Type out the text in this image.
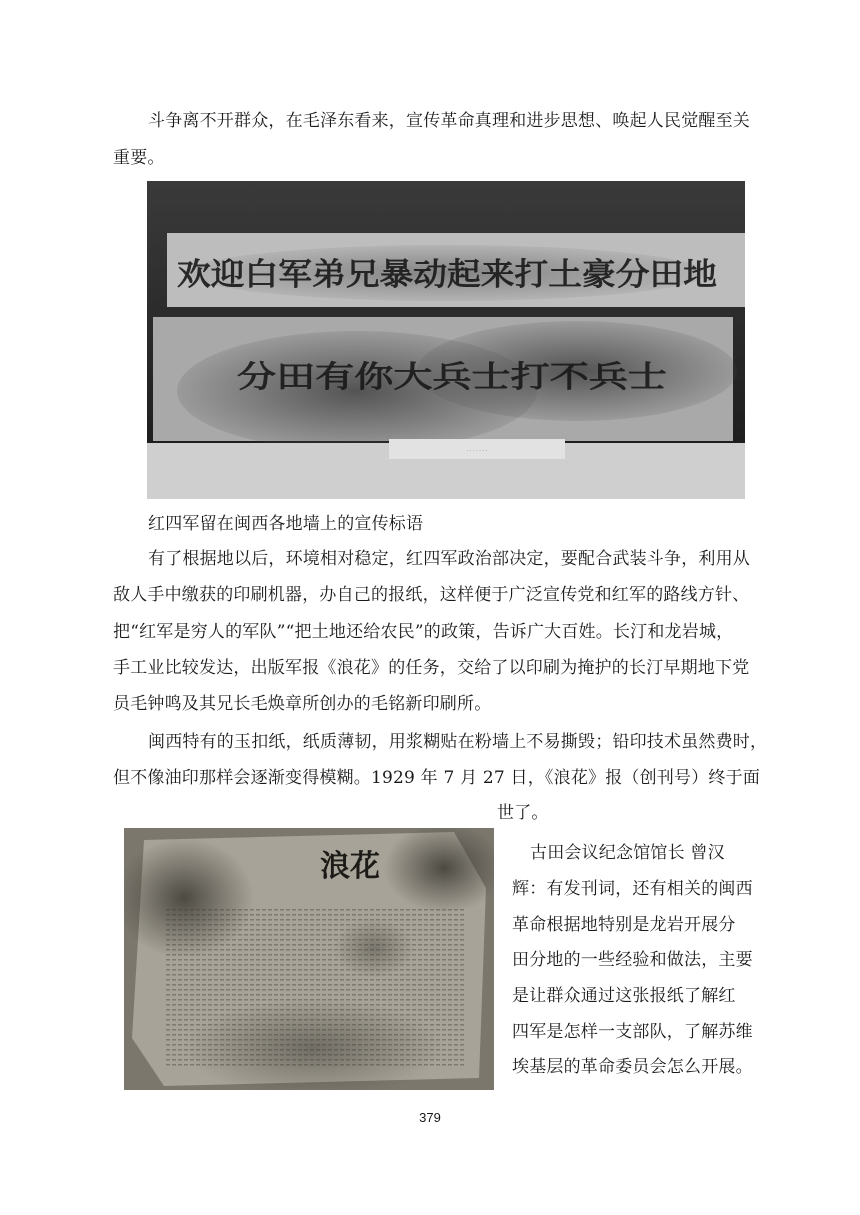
斗争离不开群众，在毛泽东看来，宣传革命真理和进步思想、唤起人民觉醒至关
重要。
· · · · · · ·
欢迎白军弟兄暴动起来打土豪分田地
分田有你大兵士打不兵士
红四军留在闽西各地墙上的宣传标语
有了根据地以后，环境相对稳定，红四军政治部决定，要配合武装斗争，利用从
敌人手中缴获的印刷机器，办自己的报纸，这样便于广泛宣传党和红军的路线方针、
把“红军是穷人的军队”“把土地还给农民”的政策，告诉广大百姓。长汀和龙岩城，
手工业比较发达，出版军报《浪花》的任务，交给了以印刷为掩护的长汀早期地下党
员毛钟鸣及其兄长毛焕章所创办的毛铭新印刷所。
闽西特有的玉扣纸，纸质薄韧，用浆糊贴在粉墙上不易撕毁；铅印技术虽然费时，
但不像油印那样会逐渐变得模糊。1929 年 7 月 27 日，《浪花》报（创刊号）终于面
世了。
浪花	古田会议纪念馆馆长 曾汉
辉：有发刊词，还有相关的闽西
革命根据地特别是龙岩开展分
田分地的一些经验和做法，主要
是让群众通过这张报纸了解红
四军是怎样一支部队，了解苏维
埃基层的革命委员会怎么开展。
379
